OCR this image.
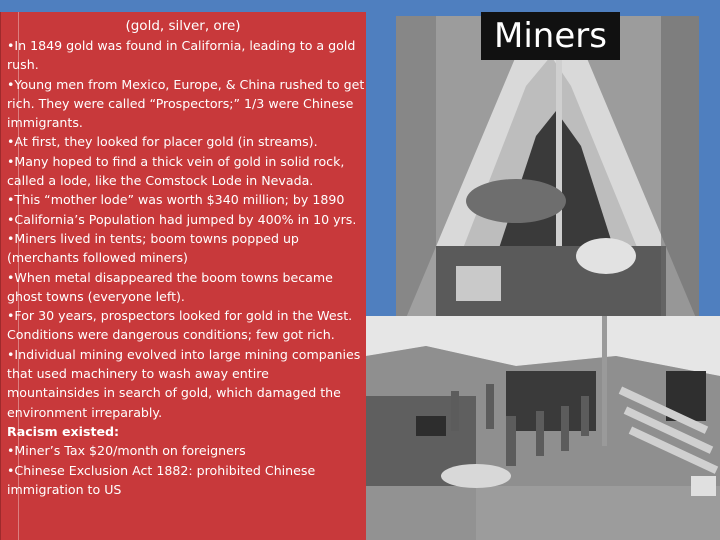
(gold, silver, ore)

•In 1849 gold was found in California, leading to a gold rush.

•Young men from Mexico, Europe, & China rushed to get rich. They were called “Prospectors;” 1/3 were Chinese immigrants.

•At first, they looked for placer gold (in streams).

•Many hoped to find a thick vein of gold in solid rock, called a lode, like the Comstock Lode in Nevada.

•This “mother lode” was worth $340 million; by 1890

•California’s Population had jumped by 400% in 10 yrs.

•Miners lived in tents; boom towns popped up (merchants followed miners)

•When metal disappeared the boom towns became ghost towns (everyone left).

•For 30 years, prospectors looked for gold in the West. Conditions were dangerous conditions; few got rich.

•Individual mining evolved into large mining companies that used machinery to wash away entire mountainsides in search of gold, which damaged the environment irreparably.

Racism existed:

•Miner’s Tax $20/month on foreigners

•Chinese Exclusion Act 1882: prohibited Chinese immigration to US

Miners
